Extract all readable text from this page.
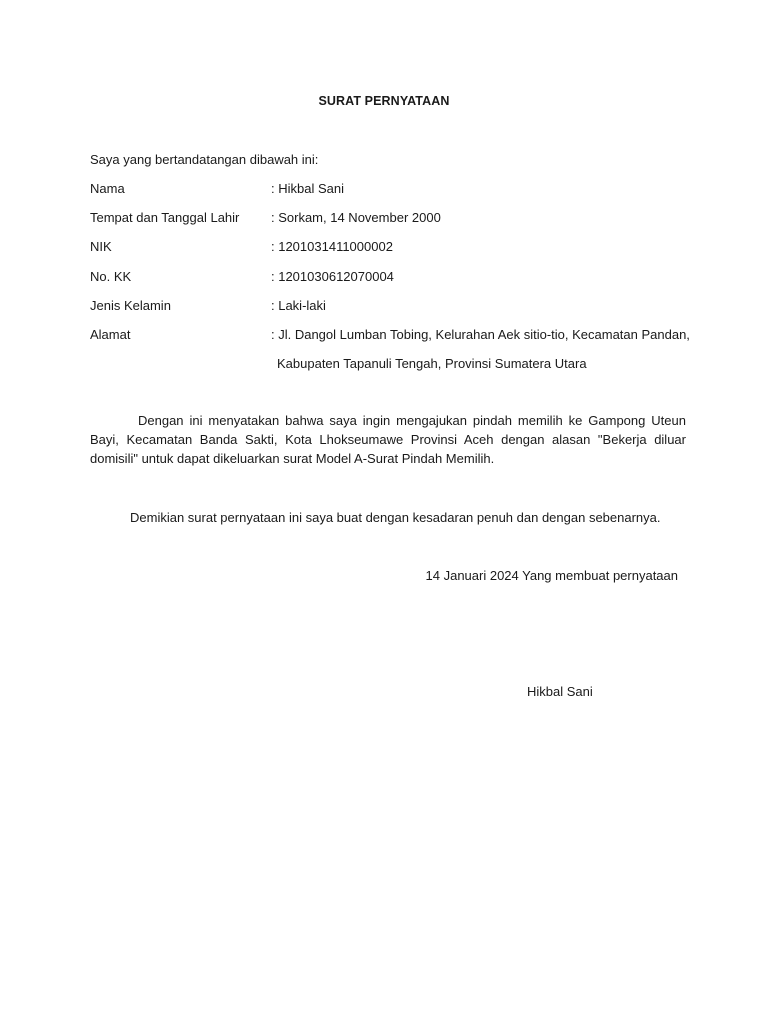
SURAT PERNYATAAN
Saya yang bertandatangan dibawah ini:
Nama	: Hikbal Sani
Tempat dan Tanggal Lahir : Sorkam, 14 November 2000
NIK	: 1201031411000002
No. KK	: 1201030612070004
Jenis Kelamin	: Laki-laki
Alamat	: Jl. Dangol Lumban Tobing, Kelurahan Aek sitio-tio, Kecamatan Pandan,
Kabupaten Tapanuli Tengah, Provinsi Sumatera Utara
Dengan ini menyatakan bahwa saya ingin mengajukan pindah memilih ke Gampong Uteun Bayi, Kecamatan Banda Sakti, Kota Lhokseumawe Provinsi Aceh dengan alasan "Bekerja diluar domisili" untuk dapat dikeluarkan surat Model A-Surat Pindah Memilih.
Demikian surat pernyataan ini saya buat dengan kesadaran penuh dan dengan sebenarnya.
14 Januari 2024 Yang membuat pernyataan
Hikbal Sani
